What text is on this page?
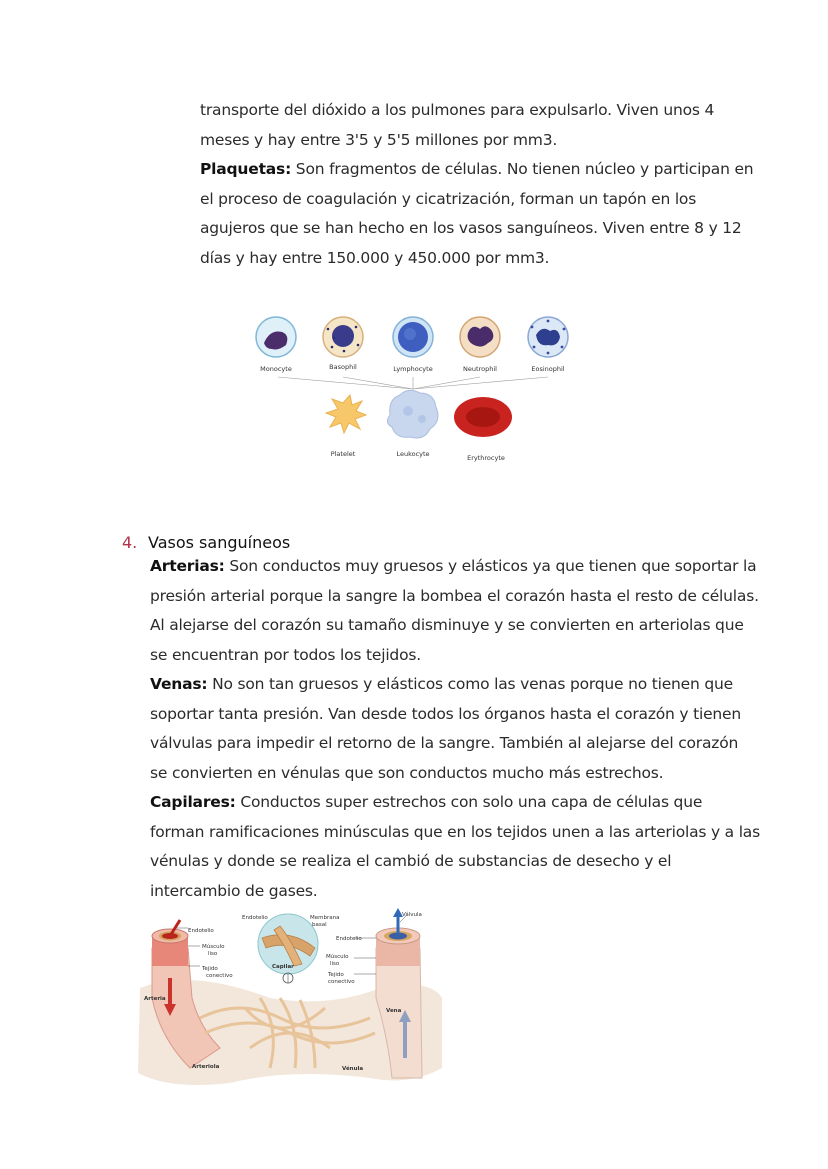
transporte del dióxido a los pulmones para expulsarlo. Viven unos 4
meses y hay entre 3'5 y 5'5 millones por mm3.
Plaquetas: Son fragmentos de células. No tienen núcleo y participan en el proceso de coagulación y cicatrización, forman un tapón en los agujeros que se han hecho en los vasos sanguíneos. Viven entre 8 y 12 días y hay entre 150.000 y 450.000 por mm3.

Monocyte	Basophil	Lymphocyte	Neutrophil	Eosinophil
Platelet	Leukocyte	Erythrocyte
4. Vasos sanguíneos

Arterias: Son conductos muy gruesos y elásticos ya que tienen que soportar la presión arterial porque la sangre la bombea el corazón hasta el resto de células. Al alejarse del corazón su tamaño disminuye y se convierten en arteriolas que se encuentran por todos los tejidos.
Venas: No son tan gruesos y elásticos como las venas porque no tienen que soportar tanta presión. Van desde todos los órganos hasta el corazón y tienen válvulas para impedir el retorno de la sangre. También al alejarse del corazón se convierten en vénulas que son conductos mucho más estrechos.
Capilares: Conductos super estrechos con solo una capa de células que forman ramificaciones minúsculas que en los tejidos unen a las arteriolas y a las vénulas y donde se realiza el cambió de substancias de desecho y el intercambio de gases.

Endotelio
Músculo
liso
Tejido
conectivo
Arteria
Arteriola
Endotelio	Membrana
basal
Capilar
Válvula
Endotelio
Músculo
liso
Tejido
conectivo
Vena
Vénula
